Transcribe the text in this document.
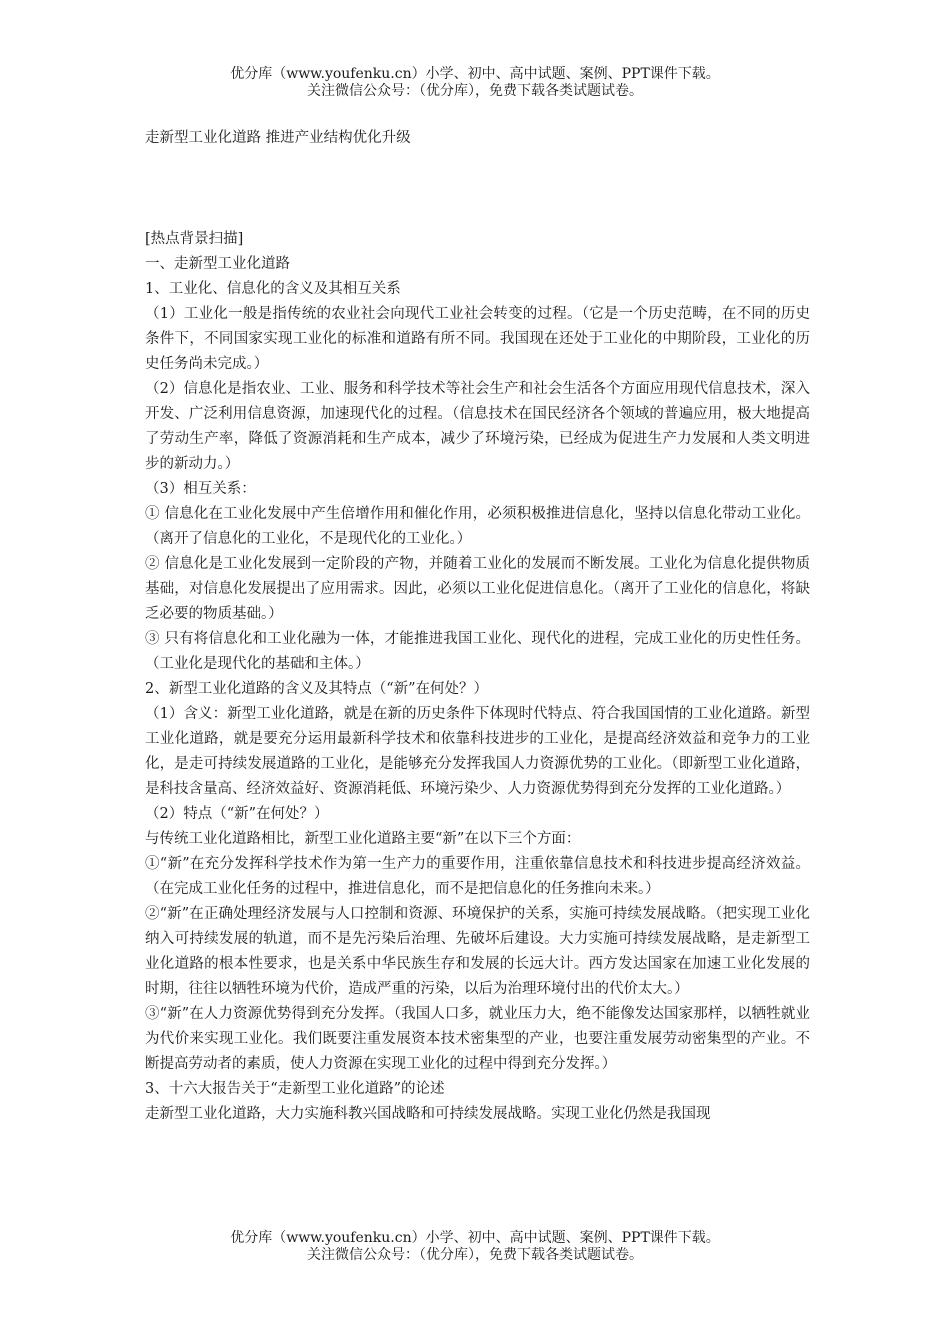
优分库（www.youfenku.cn）小学、初中、高中试题、案例、PPT课件下载。
关注微信公众号：（优分库），免费下载各类试题试卷。
走新型工业化道路 推进产业结构优化升级

[热点背景扫描]

一、走新型工业化道路

1、工业化、信息化的含义及其相互关系

（1）工业化一般是指传统的农业社会向现代工业社会转变的过程。（它是一个历史范畴，在不同的历史条件下，不同国家实现工业化的标准和道路有所不同。我国现在还处于工业化的中期阶段，工业化的历史任务尚未完成。）

（2）信息化是指农业、工业、服务和科学技术等社会生产和社会生活各个方面应用现代信息技术，深入开发、广泛利用信息资源，加速现代化的过程。（信息技术在国民经济各个领域的普遍应用，极大地提高了劳动生产率，降低了资源消耗和生产成本，减少了环境污染，已经成为促进生产力发展和人类文明进步的新动力。）

（3）相互关系：

① 信息化在工业化发展中产生倍增作用和催化作用，必须积极推进信息化，坚持以信息化带动工业化。（离开了信息化的工业化，不是现代化的工业化。）

② 信息化是工业化发展到一定阶段的产物，并随着工业化的发展而不断发展。工业化为信息化提供物质基础，对信息化发展提出了应用需求。因此，必须以工业化促进信息化。（离开了工业化的信息化，将缺乏必要的物质基础。）

③ 只有将信息化和工业化融为一体，才能推进我国工业化、现代化的进程，完成工业化的历史性任务。（工业化是现代化的基础和主体。）

2、新型工业化道路的含义及其特点（“新”在何处？）

（1）含义：新型工业化道路，就是在新的历史条件下体现时代特点、符合我国国情的工业化道路。新型工业化道路，就是要充分运用最新科学技术和依靠科技进步的工业化，是提高经济效益和竞争力的工业化，是走可持续发展道路的工业化，是能够充分发挥我国人力资源优势的工业化。（即新型工业化道路，是科技含量高、经济效益好、资源消耗低、环境污染少、人力资源优势得到充分发挥的工业化道路。）

（2）特点（“新”在何处？）

与传统工业化道路相比，新型工业化道路主要“新”在以下三个方面：

①“新”在充分发挥科学技术作为第一生产力的重要作用，注重依靠信息技术和科技进步提高经济效益。（在完成工业化任务的过程中，推进信息化，而不是把信息化的任务推向未来。）

②“新”在正确处理经济发展与人口控制和资源、环境保护的关系，实施可持续发展战略。（把实现工业化纳入可持续发展的轨道，而不是先污染后治理、先破坏后建设。大力实施可持续发展战略，是走新型工业化道路的根本性要求，也是关系中华民族生存和发展的长远大计。西方发达国家在加速工业化发展的时期，往往以牺牲环境为代价，造成严重的污染，以后为治理环境付出的代价太大。）

③“新”在人力资源优势得到充分发挥。（我国人口多，就业压力大，绝不能像发达国家那样，以牺牲就业为代价来实现工业化。我们既要注重发展资本技术密集型的产业，也要注重发展劳动密集型的产业。不断提高劳动者的素质，使人力资源在实现工业化的过程中得到充分发挥。）

3、十六大报告关于“走新型工业化道路”的论述

走新型工业化道路，大力实施科教兴国战略和可持续发展战略。实现工业化仍然是我国现

优分库（www.youfenku.cn）小学、初中、高中试题、案例、PPT课件下载。
关注微信公众号：（优分库），免费下载各类试题试卷。
